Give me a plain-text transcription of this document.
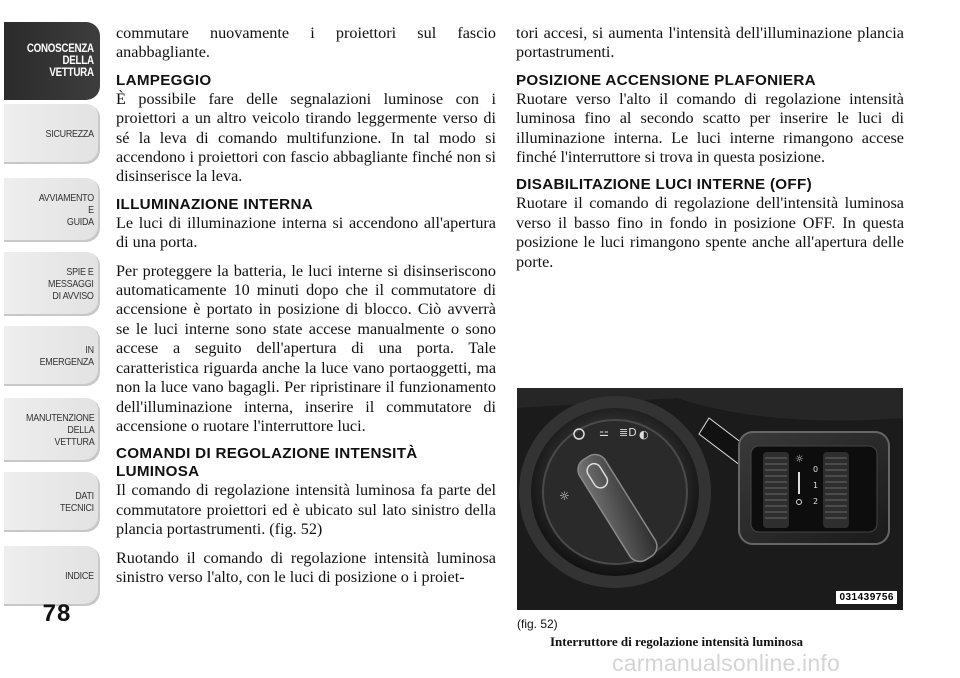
CONOSCENZA
DELLA
VETTURA
SICUREZZA
AVVIAMENTO
E
GUIDA
SPIE E
MESSAGGI
DI AVVISO
IN
EMERGENZA
MANUTENZIONE
DELLA
VETTURA
DATI
TECNICI
INDICE
78

commutare nuovamente i proiettori sul fascio anabbagliante.

LAMPEGGIO

È possibile fare delle segnalazioni luminose con i proiettori a un altro veicolo tirando leggermente verso di sé la leva di comando multifunzione. In tal modo si accendono i proiettori con fascio abbagliante finché non si disinserisce la leva.

ILLUMINAZIONE INTERNA

Le luci di illuminazione interna si accendono all'apertura di una porta.

Per proteggere la batteria, le luci interne si disinseriscono automaticamente 10 minuti dopo che il commutatore di accensione è portato in posizione di blocco. Ciò avverrà se le luci interne sono state accese manualmente o sono accese a seguito dell'apertura di una porta. Tale caratteristica riguarda anche la luce vano portaoggetti, ma non la luce vano bagagli. Per ripristinare il funzionamento dell'illuminazione interna, inserire il commutatore di accensione o ruotare l'interruttore luci.

COMANDI DI REGOLAZIONE INTENSITÀ LUMINOSA

Il comando di regolazione intensità luminosa fa parte del commutatore proiettori ed è ubicato sul lato sinistro della plancia portastrumenti. (fig. 52)

Ruotando il comando di regolazione intensità luminosa sinistro verso l'alto, con le luci di posizione o i proiet-

tori accesi, si aumenta l'intensità dell'illuminazione plancia portastrumenti.

POSIZIONE ACCENSIONE PLAFONIERA

Ruotare verso l'alto il comando di regolazione intensità luminosa fino al secondo scatto per inserire le luci di illuminazione interna. Le luci interne rimangono accese finché l'interruttore si trova in questa posizione.

DISABILITAZIONE LUCI INTERNE (OFF)

Ruotare il comando di regolazione dell'intensità luminosa verso il basso fino in fondo in posizione OFF. In questa posizione le luci rimangono spente anche all'apertura delle porte.

⚍ ≣D ◐
☼
☼
0
1
2
031439756
(fig. 52)
Interruttore di regolazione intensità luminosa
carmanualsonline.info
